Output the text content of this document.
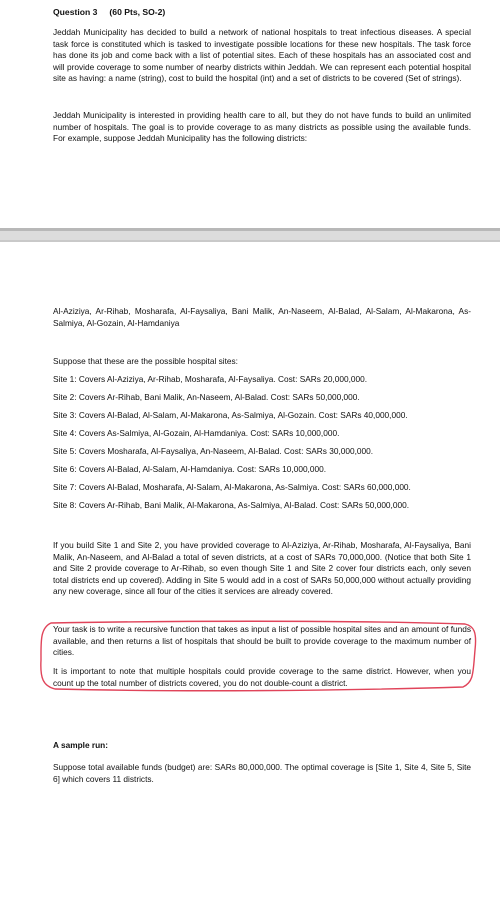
Question 3 (60 Pts, SO-2)

Jeddah Municipality has decided to build a network of national hospitals to treat infectious diseases. A special task force is constituted which is tasked to investigate possible locations for these new hospitals. The task force has done its job and come back with a list of potential sites. Each of these hospitals has an associated cost and will provide coverage to some number of nearby districts within Jeddah. We can represent each potential hospital site as having: a name (string), cost to build the hospital (int) and a set of districts to be covered (Set of strings).

Jeddah Municipality is interested in providing health care to all, but they do not have funds to build an unlimited number of hospitals. The goal is to provide coverage to as many districts as possible using the available funds. For example, suppose Jeddah Municipality has the following districts:

Al-Aziziya, Ar-Rihab, Mosharafa, Al-Faysaliya, Bani Malik, An-Naseem, Al-Balad, Al-Salam, Al-Makarona, As-Salmiya, Al-Gozain, Al-Hamdaniya

Suppose that these are the possible hospital sites:
Site 1: Covers Al-Aziziya, Ar-Rihab, Mosharafa, Al-Faysaliya. Cost: SARs 20,000,000.
Site 2: Covers Ar-Rihab, Bani Malik, An-Naseem, Al-Balad. Cost: SARs 50,000,000.
Site 3: Covers Al-Balad, Al-Salam, Al-Makarona, As-Salmiya, Al-Gozain. Cost: SARs 40,000,000.
Site 4: Covers As-Salmiya, Al-Gozain, Al-Hamdaniya. Cost: SARs 10,000,000.
Site 5: Covers Mosharafa, Al-Faysaliya, An-Naseem, Al-Balad. Cost: SARs 30,000,000.
Site 6: Covers Al-Balad, Al-Salam, Al-Hamdaniya. Cost: SARs 10,000,000.
Site 7: Covers Al-Balad, Mosharafa, Al-Salam, Al-Makarona, As-Salmiya. Cost: SARs 60,000,000.
Site 8: Covers Ar-Rihab, Bani Malik, Al-Makarona, As-Salmiya, Al-Balad. Cost: SARs 50,000,000.

If you build Site 1 and Site 2, you have provided coverage to Al-Aziziya, Ar-Rihab, Mosharafa, Al-Faysaliya, Bani Malik, An-Naseem, and Al-Balad a total of seven districts, at a cost of SARs 70,000,000. (Notice that both Site 1 and Site 2 provide coverage to Ar-Rihab, so even though Site 1 and Site 2 cover four districts each, only seven total districts end up covered). Adding in Site 5 would add in a cost of SARs 50,000,000 without actually providing any new coverage, since all four of the cities it services are already covered.

Your task is to write a recursive function that takes as input a list of possible hospital sites and an amount of funds available, and then returns a list of hospitals that should be built to provide coverage to the maximum number of cities.

It is important to note that multiple hospitals could provide coverage to the same district. However, when you count up the total number of districts covered, you do not double-count a district.

A sample run:

Suppose total available funds (budget) are: SARs 80,000,000. The optimal coverage is [Site 1, Site 4, Site 5, Site 6] which covers 11 districts.
